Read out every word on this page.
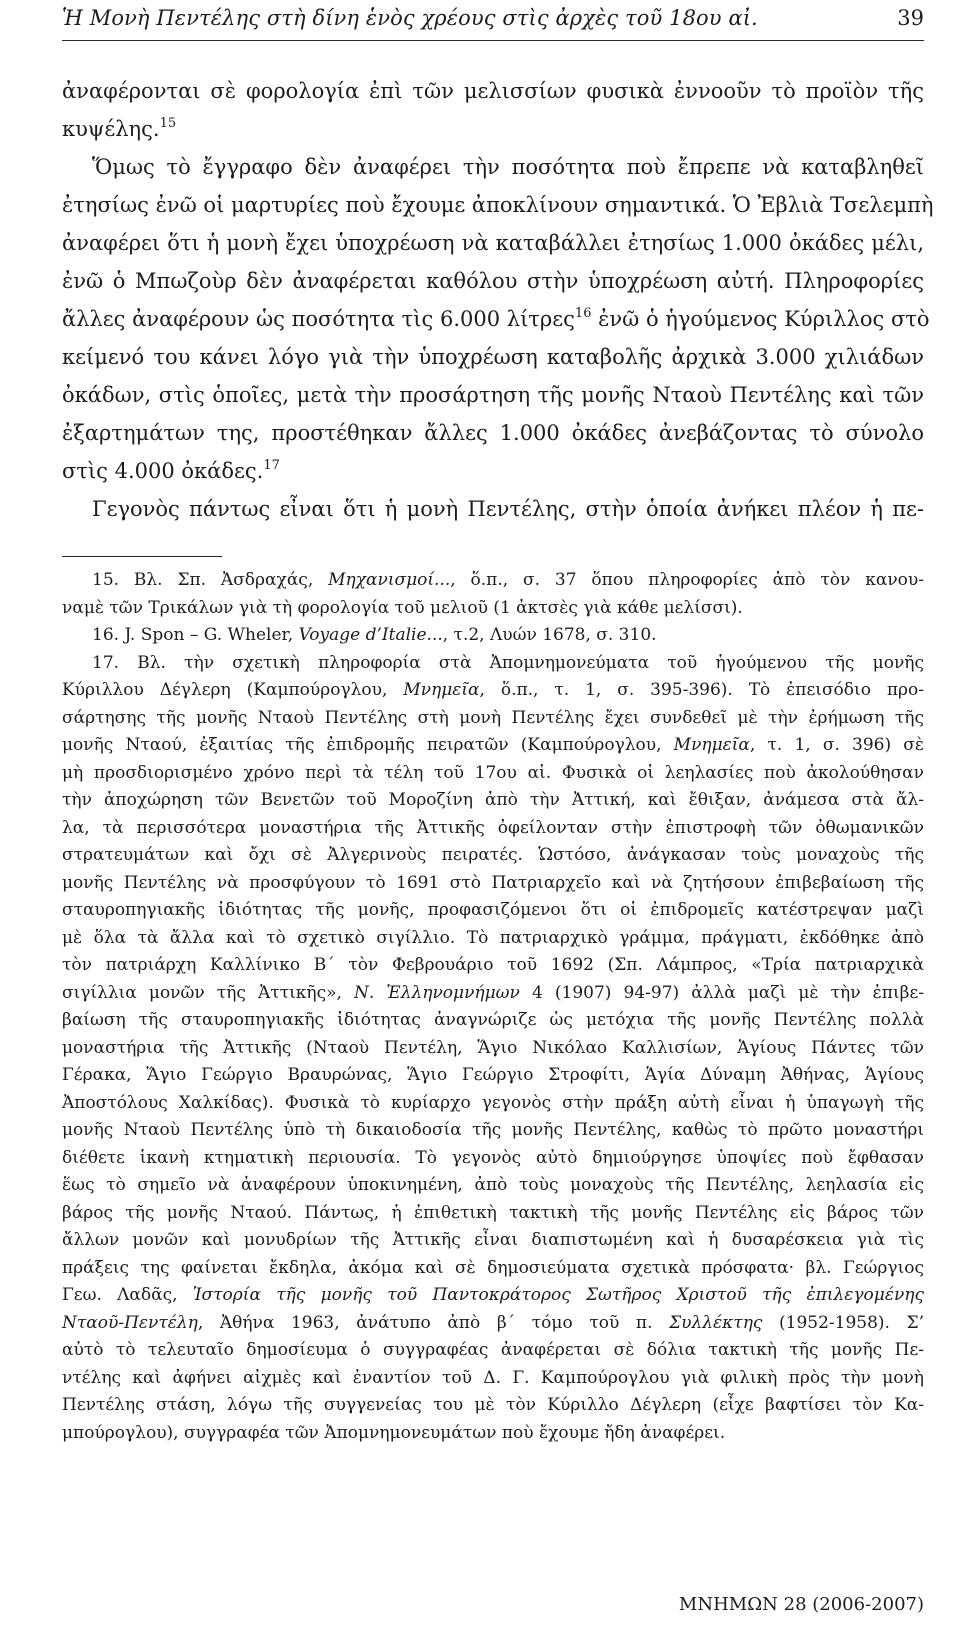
Ἡ Μονὴ Πεντέλης στὴ δίνη ἑνὸς χρέους στὶς ἀρχὲς τοῦ 18ου αἰ.	39
ἀναφέρονται σὲ φορολογία ἐπὶ τῶν μελισσίων φυσικὰ ἐννοοῦν τὸ προϊὸν τῆς
κυψέλης.$^{15}$
Ὅμως τὸ ἔγγραφο δὲν ἀναφέρει τὴν ποσότητα ποὺ ἔπρεπε νὰ καταβληθεῖ
ἐτησίως ἐνῶ οἱ μαρτυρίες ποὺ ἔχουμε ἀποκλίνουν σημαντικά. Ὁ Ἐβλιὰ Τσελεμπὴ
ἀναφέρει ὅτι ἡ μονὴ ἔχει ὑποχρέωση νὰ καταβάλλει ἐτησίως 1.000 ὀκάδες μέλι,
ἐνῶ ὁ Μπωζοὺρ δὲν ἀναφέρεται καθόλου στὴν ὑποχρέωση αὐτή. Πληροφορίες
ἄλλες ἀναφέρουν ὡς ποσότητα τὶς 6.000 λίτρες$^{16}$ ἐνῶ ὁ ἡγούμενος Κύριλλος στὸ
κείμενό του κάνει λόγο γιὰ τὴν ὑποχρέωση καταβολῆς ἀρχικὰ 3.000 χιλιάδων
ὀκάδων, στὶς ὁποῖες, μετὰ τὴν προσάρτηση τῆς μονῆς Νταοὺ Πεντέλης καὶ τῶν
ἐξαρτημάτων της, προστέθηκαν ἄλλες 1.000 ὀκάδες ἀνεβάζοντας τὸ σύνολο
στὶς 4.000 ὀκάδες.$^{17}$
Γεγονὸς πάντως εἶναι ὅτι ἡ μονὴ Πεντέλης, στὴν ὁποία ἀνήκει πλέον ἡ πε-
15. Βλ. Σπ. Ἀσδραχάς, Μηχανισμοί..., ὅ.π., σ. 37 ὅπου πληροφορίες ἀπὸ τὸν κανου-
ναμὲ τῶν Τρικάλων γιὰ τὴ φορολογία τοῦ μελιοῦ (1 ἀκτσὲς γιὰ κάθε μελίσσι).
16. J. Spon – G. Wheler, Voyage d’Italie..., τ.2, Λυών 1678, σ. 310.
17. Βλ. τὴν σχετικὴ πληροφορία στὰ Ἀπομνημονεύματα τοῦ ἡγούμενου τῆς μονῆς
Κύριλλου Δέγλερη (Καμπούρογλου, Μνημεῖα, ὅ.π., τ. 1, σ. 395-396). Τὸ ἐπεισόδιο προ-
σάρτησης τῆς μονῆς Νταοὺ Πεντέλης στὴ μονὴ Πεντέλης ἔχει συνδεθεῖ μὲ τὴν ἐρήμωση τῆς
μονῆς Νταού, ἐξαιτίας τῆς ἐπιδρομῆς πειρατῶν (Καμπούρογλου, Μνημεῖα, τ. 1, σ. 396) σὲ
μὴ προσδιορισμένο χρόνο περὶ τὰ τέλη τοῦ 17ου αἰ. Φυσικὰ οἱ λεηλασίες ποὺ ἀκολούθησαν
τὴν ἀποχώρηση τῶν Βενετῶν τοῦ Μοροζίνη ἀπὸ τὴν Ἀττική, καὶ ἔθιξαν, ἀνάμεσα στὰ ἄλ-
λα, τὰ περισσότερα μοναστήρια τῆς Ἀττικῆς ὀφείλονταν στὴν ἐπιστροφὴ τῶν ὀθωμανικῶν
στρατευμάτων καὶ ὄχι σὲ Ἀλγερινοὺς πειρατές. Ὡστόσο, ἀνάγκασαν τοὺς μοναχοὺς τῆς
μονῆς Πεντέλης νὰ προσφύγουν τὸ 1691 στὸ Πατριαρχεῖο καὶ νὰ ζητήσουν ἐπιβεβαίωση τῆς
σταυροπηγιακῆς ἰδιότητας τῆς μονῆς, προφασιζόμενοι ὅτι οἱ ἐπιδρομεῖς κατέστρεψαν μαζὶ
μὲ ὅλα τὰ ἄλλα καὶ τὸ σχετικὸ σιγίλλιο. Τὸ πατριαρχικὸ γράμμα, πράγματι, ἐκδόθηκε ἀπὸ
τὸν πατριάρχη Καλλίνικο Β΄ τὸν Φεβρουάριο τοῦ 1692 (Σπ. Λάμπρος, «Τρία πατριαρχικὰ
σιγίλλια μονῶν τῆς Ἀττικῆς», Ν. Ἑλληνομνήμων 4 (1907) 94-97) ἀλλὰ μαζὶ μὲ τὴν ἐπιβε-
βαίωση τῆς σταυροπηγιακῆς ἰδιότητας ἀναγνώριζε ὡς μετόχια τῆς μονῆς Πεντέλης πολλὰ
μοναστήρια τῆς Ἀττικῆς (Νταοὺ Πεντέλη, Ἅγιο Νικόλαο Καλλισίων, Ἁγίους Πάντες τῶν
Γέρακα, Ἅγιο Γεώργιο Βραυρώνας, Ἅγιο Γεώργιο Στροφίτι, Ἁγία Δύναμη Ἀθήνας, Ἁγίους
Ἀποστόλους Χαλκίδας). Φυσικὰ τὸ κυρίαρχο γεγονὸς στὴν πράξη αὐτὴ εἶναι ἡ ὑπαγωγὴ τῆς
μονῆς Νταοὺ Πεντέλης ὑπὸ τὴ δικαιοδοσία τῆς μονῆς Πεντέλης, καθὼς τὸ πρῶτο μοναστήρι
διέθετε ἱκανὴ κτηματικὴ περιουσία. Τὸ γεγονὸς αὐτὸ δημιούργησε ὑποψίες ποὺ ἔφθασαν
ἕως τὸ σημεῖο νὰ ἀναφέρουν ὑποκινημένη, ἀπὸ τοὺς μοναχοὺς τῆς Πεντέλης, λεηλασία εἰς
βάρος τῆς μονῆς Νταού. Πάντως, ἡ ἐπιθετικὴ τακτικὴ τῆς μονῆς Πεντέλης εἰς βάρος τῶν
ἄλλων μονῶν καὶ μονυδρίων τῆς Ἀττικῆς εἶναι διαπιστωμένη καὶ ἡ δυσαρέσκεια γιὰ τὶς
πράξεις της φαίνεται ἔκδηλα, ἀκόμα καὶ σὲ δημοσιεύματα σχετικὰ πρόσφατα· βλ. Γεώργιος
Γεω. Λαδᾶς, Ἱστορία τῆς μονῆς τοῦ Παντοκράτορος Σωτῆρος Χριστοῦ τῆς ἐπιλεγομένης
Νταοῦ-Πεντέλη, Ἀθήνα 1963, ἀνάτυπο ἀπὸ β΄ τόμο τοῦ π. Συλλέκτης (1952-1958). Σ’
αὐτὸ τὸ τελευταῖο δημοσίευμα ὁ συγγραφέας ἀναφέρεται σὲ δόλια τακτικὴ τῆς μονῆς Πε-
ντέλης καὶ ἀφήνει αἰχμὲς καὶ ἐναντίον τοῦ Δ. Γ. Καμπούρογλου γιὰ φιλικὴ πρὸς τὴν μονὴ
Πεντέλης στάση, λόγω τῆς συγγενείας του μὲ τὸν Κύριλλο Δέγλερη (εἶχε βαφτίσει τὸν Κα-
μπούρογλου), συγγραφέα τῶν Ἀπομνημονευμάτων ποὺ ἔχουμε ἤδη ἀναφέρει.
ΜΝΗΜΩΝ 28 (2006-2007)
